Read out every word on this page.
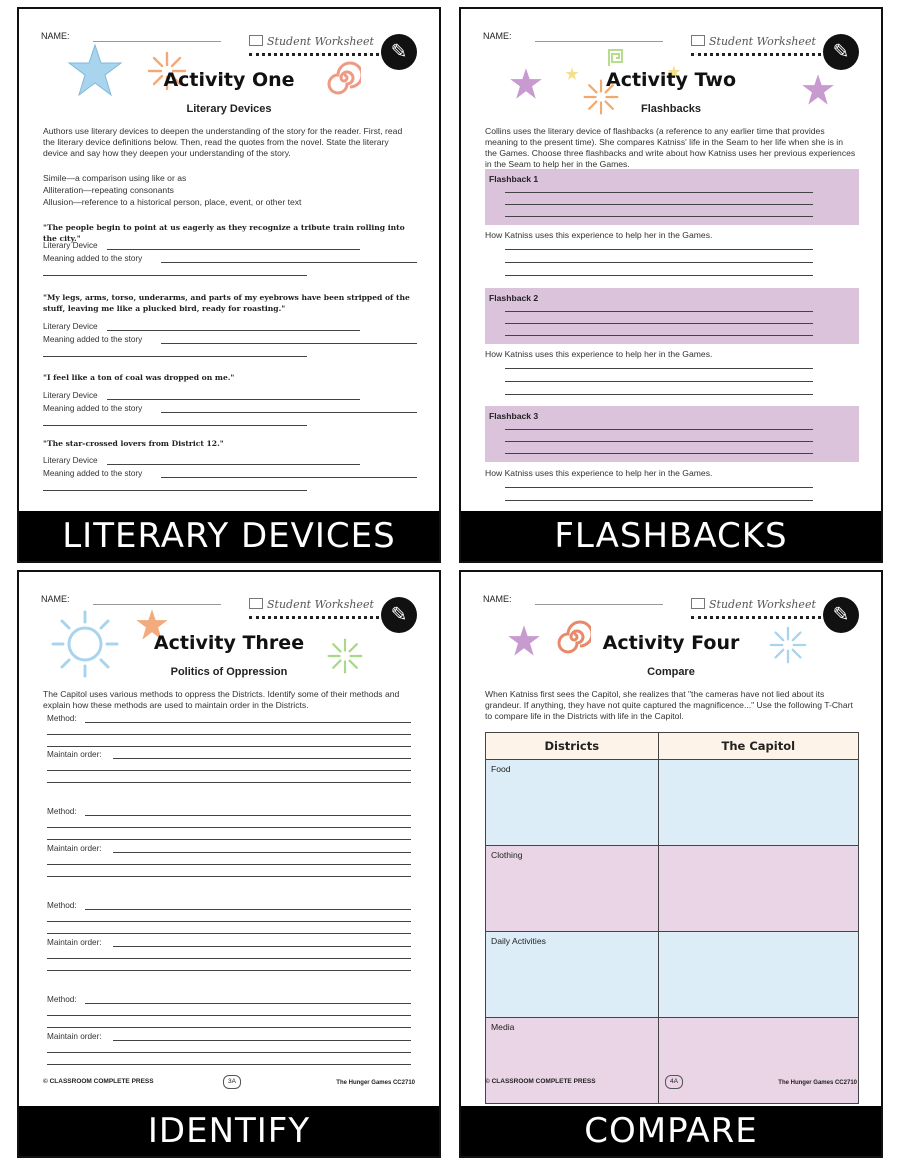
NAME:	Student Worksheet ✎
Activity One
Literary Devices
Authors use literary devices to deepen the understanding of the story for the reader. First, read the literary device definitions below. Then, read the quotes from the novel. State the literary device and say how they deepen your understanding of the story.
Simile—a comparison using like or as
Alliteration—repeating consonants
Allusion—reference to a historical person, place, event, or other text
"The people begin to point at us eagerly as they recognize a tribute train rolling into the city."
Literary Device
Meaning added to the story
"My legs, arms, torso, underarms, and parts of my eyebrows have been stripped of the stuff, leaving me like a plucked bird, ready for roasting."
Literary Device
Meaning added to the story
"I feel like a ton of coal was dropped on me."
Literary Device
Meaning added to the story
"The star-crossed lovers from District 12."
Literary Device
Meaning added to the story
LITERARY DEVICES
NAME:	Student Worksheet ✎
Activity Two
Flashbacks
Collins uses the literary device of flashbacks (a reference to any earlier time that provides meaning to the present time). She compares Katniss' life in the Seam to her life when she is in the Games. Choose three flashbacks and write about how Katniss uses her previous experiences in the Seam to help her in the Games.
Flashback 1
How Katniss uses this experience to help her in the Games.
Flashback 2
How Katniss uses this experience to help her in the Games.
Flashback 3
How Katniss uses this experience to help her in the Games.
FLASHBACKS
NAME:	Student Worksheet ✎
Activity Three
Politics of Oppression
The Capitol uses various methods to oppress the Districts. Identify some of their methods and explain how these methods are used to maintain order in the Districts.
Method:
Maintain order:
Method:
Maintain order:
Method:
Maintain order:
Method:
Maintain order:
© CLASSROOM COMPLETE PRESS	3A	The Hunger Games CC2710
IDENTIFY
NAME:	Student Worksheet ✎
Activity Four
Compare
When Katniss first sees the Capitol, she realizes that "the cameras have not lied about its grandeur. If anything, they have not quite captured the magnificence..." Use the following T-Chart to compare life in the Districts with life in the Capitol.
Districts	The Capitol
Food	
Clothing	
Daily Activities	
Media	
© CLASSROOM COMPLETE PRESS	4A	The Hunger Games CC2710
COMPARE
